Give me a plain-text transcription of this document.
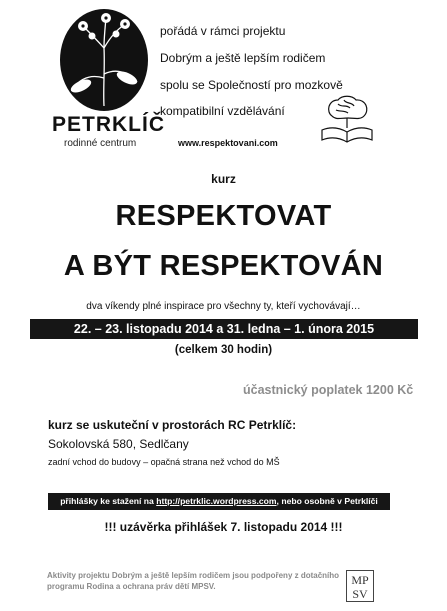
PETRKLÍČ
rodinné centrum
pořádá v rámci projektu
Dobrým a ještě lepším rodičem
spolu se Společností pro mozkově
kompatibilní vzdělávání
www.respektovani.com
kurz
RESPEKTOVAT
A BÝT RESPEKTOVÁN
dva víkendy plné inspirace pro všechny ty, kteří vychovávají…
22. – 23. listopadu 2014 a 31. ledna – 1. února 2015
(celkem 30 hodin)
účastnický poplatek 1200 Kč
kurz se uskuteční v prostorách RC Petrklíč:
Sokolovská 580, Sedlčany
zadní vchod do budovy – opačná strana než vchod do MŠ
přihlášky ke stažení na http://petrklic.wordpress.com, nebo osobně v Petrklíči
!!! uzávěrka přihlášek 7. listopadu 2014 !!!
Aktivity projektu Dobrým a ještě lepším rodičem jsou podpořeny z dotačního programu Rodina a ochrana práv dětí MPSV.	MP
SV
